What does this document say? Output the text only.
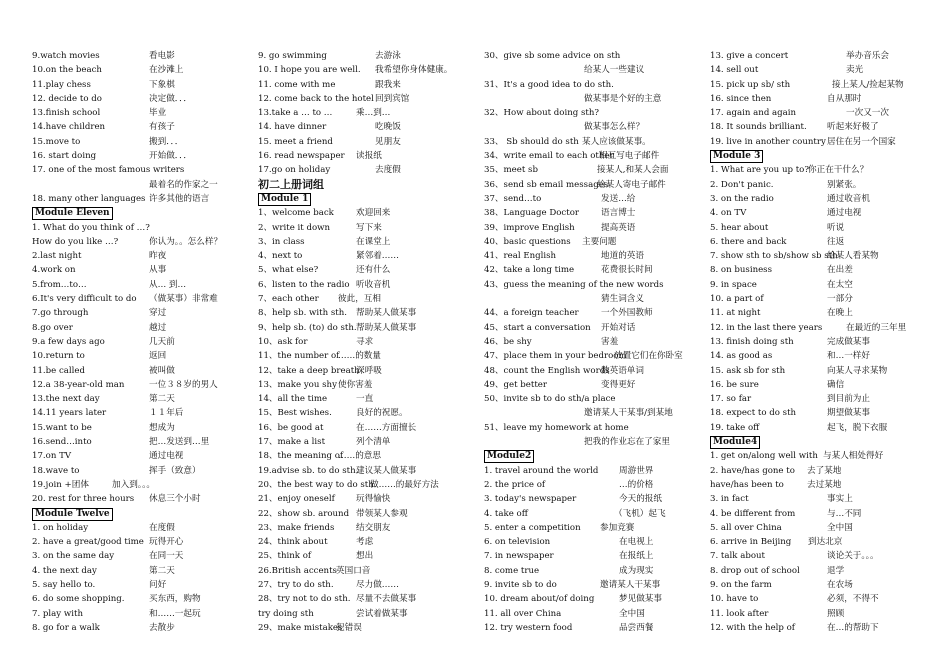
9.watch movies	看电影
10.on the beach	在沙滩上
11.play chess	下象棋
12. decide to do	决定做．．．
13.finish school	毕业
14.have children	有孩子
15.move to	搬到．．．
16. start doing	开始做．．．
17. one of the most famous writers
最着名的作家之一
18. many other languages 许多其他的语言
Module Eleven
1. What do you think of …?
How do you like …?	你认为。。怎么样？
2.last night	昨夜
4.work on	从事
5.from…to…	从… 到…
6.It's very difficult to do （做某事）非常难
7.go through	穿过
8.go over	越过
9.a few days ago	几天前
10.return to	返回
11.be called	被叫做
12.a 38-year-old man	一位３８岁的男人
13.the next day	第二天
14.11 years later	１１年后
15.want to be	想成为
16.send…into	把…发送到…里
17.on TV	通过电视
18.wave to	挥手（致意）
19.join +团体	加入到。。。
20. rest for three hours 休息三个小时
Module Twelve
1. on holiday	在度假
2. have a great/good time 玩得开心
3. on the same day	在同一天
4. the next day	第二天
5. say hello to.	问好
6. do some shopping.	买东西，购物
7. play with	和……一起玩
8. go for a walk	去散步
9. go swimming	去游泳
10. I hope you are well. 我希望你身体健康。
11. come with me	跟我来
12. come back to the hotel 回到宾馆
13.take a … to …	乘…到…
14. have dinner	吃晚饭
15. meet a friend	见朋友
16. read newspaper 读报纸
17.go on holiday	去度假
初二上册词组
Module 1
1、welcome back	欢迎回来
2、write it down	写下来
3、in class	在课堂上
4、next to	紧邻着……
5、what else?	还有什么
6、listen to the radio 听收音机
7、each other 彼此，互相
8、help sb. with sth. 帮助某人做某事
9、help sb. (to) do sth. 帮助某人做某事
10、ask for	寻求
11、the number of
……的数量
12、take a deep breath
深呼吸
13、make you shy 使你害羞
14、all the time	一直
15、Best wishes.	良好的祝愿。
16、be good at	在……方面擅长
17、make a list	列个清单
18、the meaning of
……的意思
19.advise sb. to do sth.
建议某人做某事
20、the best way to do sth.
做……的最好方法
21、enjoy oneself 玩得愉快
22、show sb. around 带领某人参观
23、make friends	结交朋友
24、think about	考虑
25、think of	想出
26.British accents 英国口音
27、try to do sth.	尽力做……
28、try not to do sth. 尽量不去做某事
try doing sth	尝试着做某事
29、make mistakes
犯错误
30、give sb some advice on sth
给某人一些建议
31、It's a good idea to do sth.
做某事是个好的主意
32、How about doing sth?
做某事怎么样？
33、 Sb should do sth 某人应该做某事。
34、write email to each other
相互写电子邮件
35、meet sb	接某人,和某人会面
36、send sb email messages
给某人寄电子邮件
37、send…to	发送…给
38、Language Doctor	语言博士
39、improve English	提高英语
40、basic questions 主要问题
41、real English	地道的英语
42、take a long time	花费很长时间
43、guess the meaning of the new words
猜生词含义
44、a foreign teacher	一个外国教师
45、start a conversation 开始对话
46、be shy	害羞
47、place them in your bedroom
放置它们在你卧室
48、count the English words
数英语单词
49、get better	变得更好
50、invite sb to do sth/a place
邀请某人干某事/到某地
51、leave my homework at home
把我的作业忘在了家里
Module2
1. travel around the world 周游世界
2. the price of	…的价格
3. today's newspaper	今天的报纸
4. take off	（飞机）起飞
5. enter a competition 参加竞赛
6. on television	在电视上
7. in newspaper	在报纸上
8. come true	成为现实
9. invite sb to do	邀请某人干某事
10. dream about/of doing	梦见做某事
11. all over China	全中国
12. try western food	品尝西餐
13. give a concert	举办音乐会
14. sell out	卖光
15. pick up sb/ sth	接上某人/捡起某物
16. since then	自从那时
17. again and again	一次又一次
18. It sounds brilliant. 听起来好极了
19. live in another country 居住在另一个国家
Module 3
1. What are you up to? 你正在干什么？
2. Don't panic.	别紧张。
3. on the radio	通过收音机
4. on TV	通过电视
5. hear about	听说
6. there and back	往返
7. show sth to sb/show sb sth
给某人看某物
8. on business	在出差
9. in space	在太空
10. a part of	一部分
11. at night	在晚上
12. in the last there years	在最近的三年里
13. finish doing sth	完成做某事
14. as good as	和…一样好
15. ask sb for sth	向某人寻求某物
16. be sure	确信
17. so far	到目前为止
18. expect to do sth	期望做某事
19. take off	起飞，脱下衣服
Module4
1. get on/along well with 与某人相处得好
2. have/has gone to 去了某地
have/has been to	去过某地
3. in fact	事实上
4. be different from	与…不同
5. all over China	全中国
6. arrive in Beijing 到达北京
7. talk about	谈论关于。。。
8. drop out of school	退学
9. on the farm	在农场
10. have to	必须，不得不
11. look after	照顾
12. with the help of	在…的帮助下
